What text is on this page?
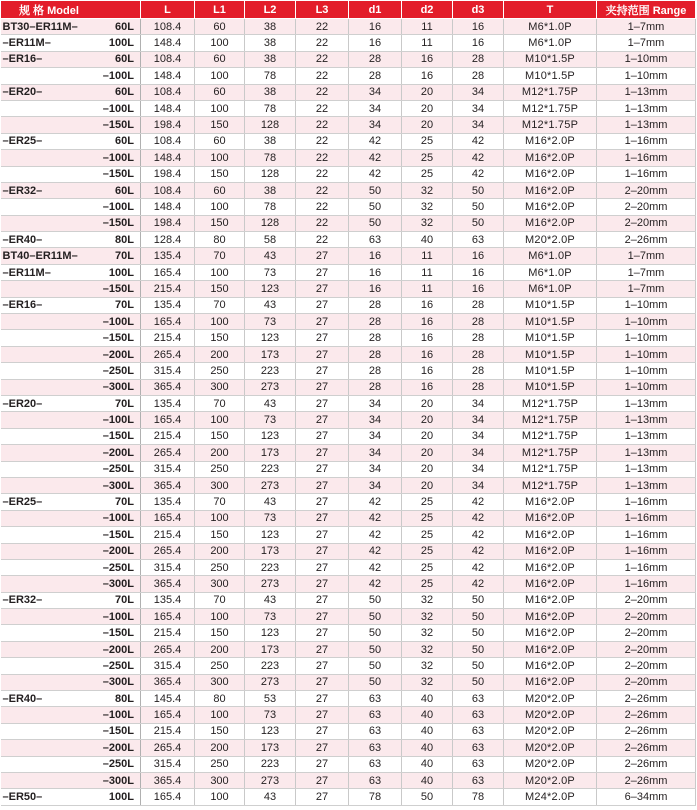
规 格 Model	L	L1	L2	L3	d1	d2	d3	T	夹持范围 Range

BT30–ER11M– 60L	108.4	60	38	22	16	11	16	M6*1.0P	1–7mm

–ER11M– 100L	148.4	100	38	22	16	11	16	M6*1.0P	1–7mm

–ER16– 60L	108.4	60	38	22	28	16	28	M10*1.5P	1–10mm

–100L	148.4	100	78	22	28	16	28	M10*1.5P	1–10mm

–ER20– 60L	108.4	60	38	22	34	20	34	M12*1.75P	1–13mm

–100L	148.4	100	78	22	34	20	34	M12*1.75P	1–13mm

–150L	198.4	150	128	22	34	20	34	M12*1.75P	1–13mm

–ER25– 60L	108.4	60	38	22	42	25	42	M16*2.0P	1–16mm

–100L	148.4	100	78	22	42	25	42	M16*2.0P	1–16mm

–150L	198.4	150	128	22	42	25	42	M16*2.0P	1–16mm

–ER32– 60L	108.4	60	38	22	50	32	50	M16*2.0P	2–20mm

–100L	148.4	100	78	22	50	32	50	M16*2.0P	2–20mm

–150L	198.4	150	128	22	50	32	50	M16*2.0P	2–20mm

–ER40– 80L	128.4	80	58	22	63	40	63	M20*2.0P	2–26mm

BT40–ER11M– 70L	135.4	70	43	27	16	11	16	M6*1.0P	1–7mm

–ER11M– 100L	165.4	100	73	27	16	11	16	M6*1.0P	1–7mm

–150L	215.4	150	123	27	16	11	16	M6*1.0P	1–7mm

–ER16– 70L	135.4	70	43	27	28	16	28	M10*1.5P	1–10mm

–100L	165.4	100	73	27	28	16	28	M10*1.5P	1–10mm

–150L	215.4	150	123	27	28	16	28	M10*1.5P	1–10mm

–200L	265.4	200	173	27	28	16	28	M10*1.5P	1–10mm

–250L	315.4	250	223	27	28	16	28	M10*1.5P	1–10mm

–300L	365.4	300	273	27	28	16	28	M10*1.5P	1–10mm

–ER20– 70L	135.4	70	43	27	34	20	34	M12*1.75P	1–13mm

–100L	165.4	100	73	27	34	20	34	M12*1.75P	1–13mm

–150L	215.4	150	123	27	34	20	34	M12*1.75P	1–13mm

–200L	265.4	200	173	27	34	20	34	M12*1.75P	1–13mm

–250L	315.4	250	223	27	34	20	34	M12*1.75P	1–13mm

–300L	365.4	300	273	27	34	20	34	M12*1.75P	1–13mm

–ER25– 70L	135.4	70	43	27	42	25	42	M16*2.0P	1–16mm

–100L	165.4	100	73	27	42	25	42	M16*2.0P	1–16mm

–150L	215.4	150	123	27	42	25	42	M16*2.0P	1–16mm

–200L	265.4	200	173	27	42	25	42	M16*2.0P	1–16mm

–250L	315.4	250	223	27	42	25	42	M16*2.0P	1–16mm

–300L	365.4	300	273	27	42	25	42	M16*2.0P	1–16mm

–ER32– 70L	135.4	70	43	27	50	32	50	M16*2.0P	2–20mm

–100L	165.4	100	73	27	50	32	50	M16*2.0P	2–20mm

–150L	215.4	150	123	27	50	32	50	M16*2.0P	2–20mm

–200L	265.4	200	173	27	50	32	50	M16*2.0P	2–20mm

–250L	315.4	250	223	27	50	32	50	M16*2.0P	2–20mm

–300L	365.4	300	273	27	50	32	50	M16*2.0P	2–20mm

–ER40– 80L	145.4	80	53	27	63	40	63	M20*2.0P	2–26mm

–100L	165.4	100	73	27	63	40	63	M20*2.0P	2–26mm

–150L	215.4	150	123	27	63	40	63	M20*2.0P	2–26mm

–200L	265.4	200	173	27	63	40	63	M20*2.0P	2–26mm

–250L	315.4	250	223	27	63	40	63	M20*2.0P	2–26mm

–300L	365.4	300	273	27	63	40	63	M20*2.0P	2–26mm

–ER50– 100L	165.4	100	43	27	78	50	78	M24*2.0P	6–34mm
